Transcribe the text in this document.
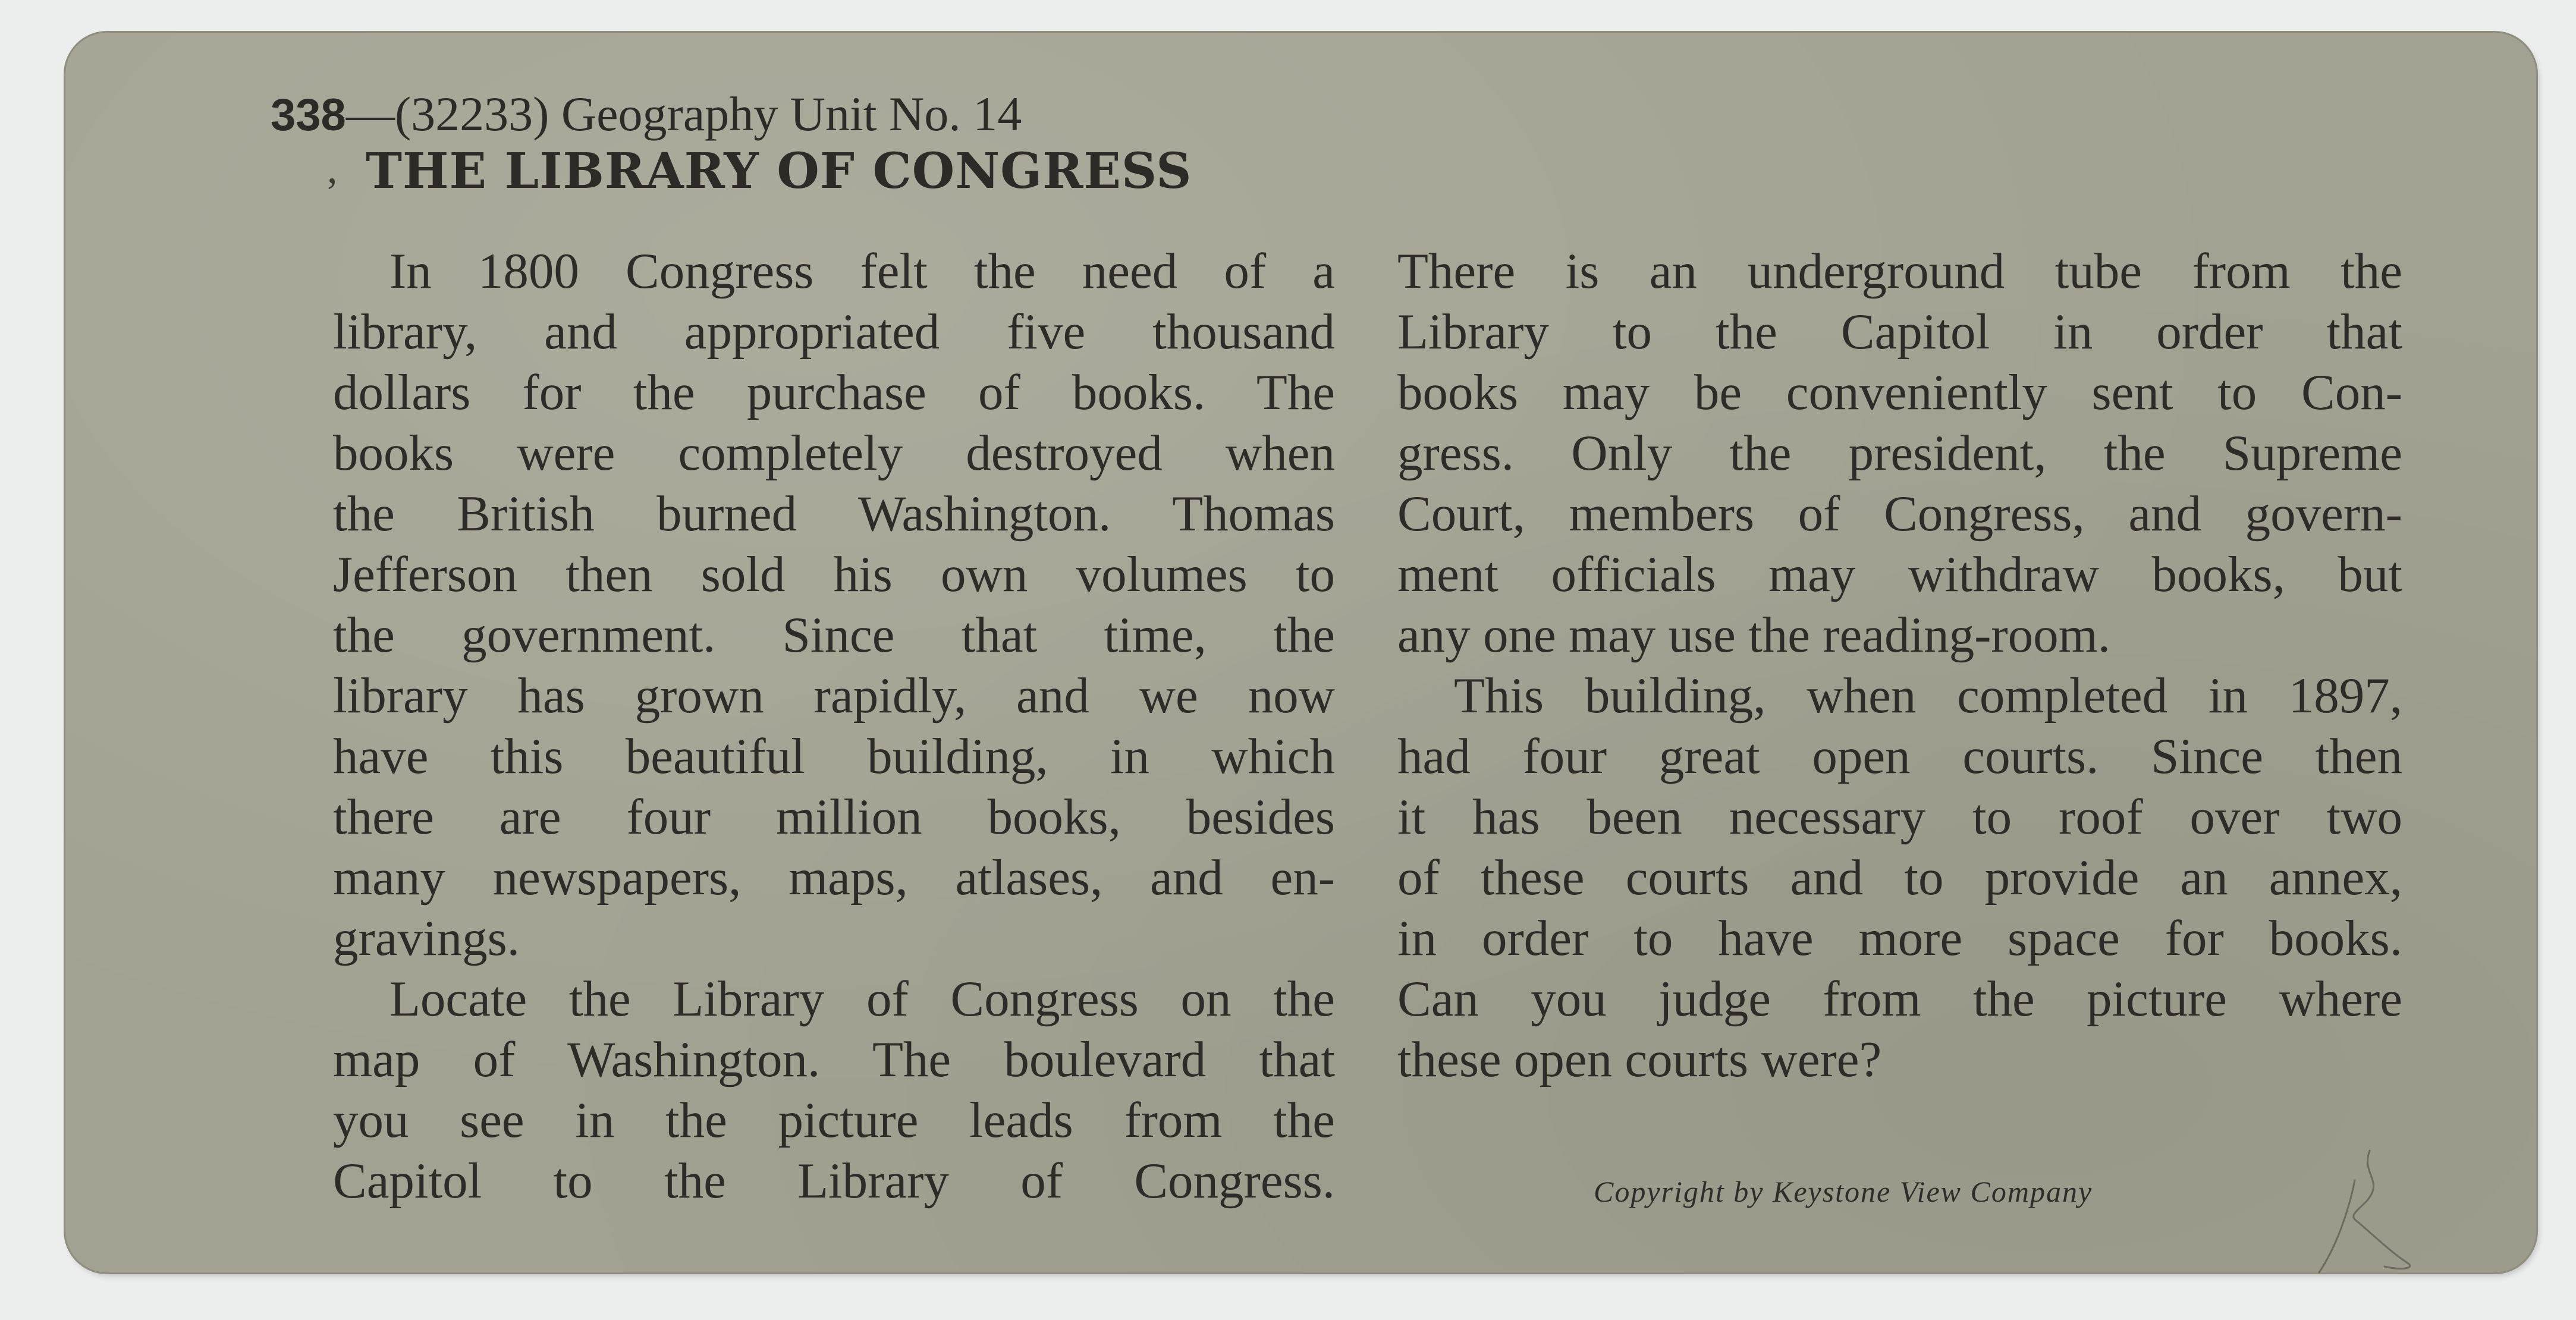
338—(32233) Geography Unit No. 14
, THE LIBRARY OF CONGRESS
In 1800 Congress felt the need of a
library, and appropriated five thousand
dollars for the purchase of books. The
books were completely destroyed when
the British burned Washington. Thomas
Jefferson then sold his own volumes to
the government. Since that time, the
library has grown rapidly, and we now
have this beautiful building, in which
there are four million books, besides
many newspapers, maps, atlases, and en-
gravings.
Locate the Library of Congress on the
map of Washington. The boulevard that
you see in the picture leads from the
Capitol to the Library of Congress.
There is an underground tube from the
Library to the Capitol in order that
books may be conveniently sent to Con-
gress. Only the president, the Supreme
Court, members of Congress, and govern-
ment officials may withdraw books, but
any one may use the reading-room.
This building, when completed in 1897,
had four great open courts. Since then
it has been necessary to roof over two
of these courts and to provide an annex,
in order to have more space for books.
Can you judge from the picture where
these open courts were?
Copyright by Keystone View Company
